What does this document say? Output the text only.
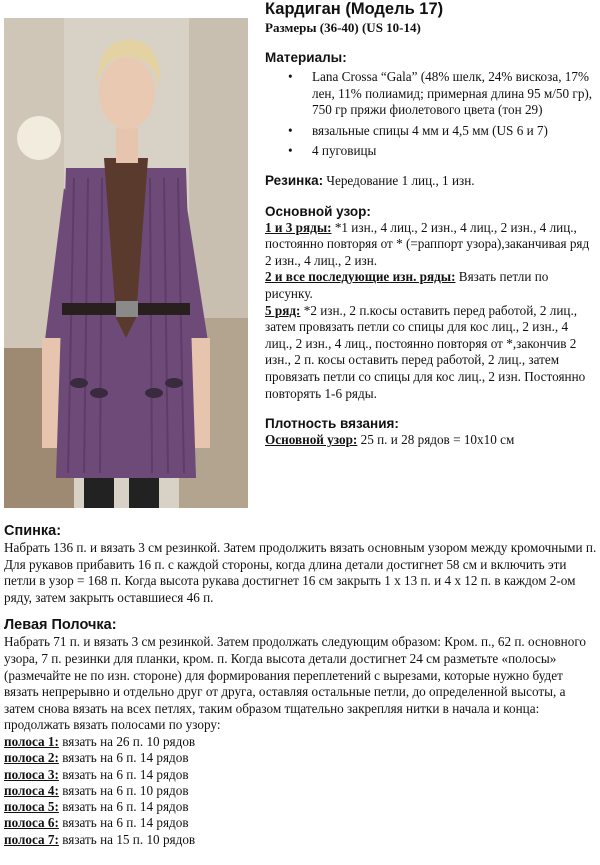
Кардиган (Модель 17)
Размеры (36-40) (US 10-14)
Материалы:
• Lana Crossa “Gala” (48% шелк, 24% вискоза, 17% лен, 11% полиамид; примерная длина 95 м/50 гр), 750 гр пряжи фиолетового цвета (тон 29)
• вязальные спицы 4 мм и 4,5 мм (US 6 и 7)
• 4 пуговицы
Резинка: Чередование 1 лиц., 1 изн.
Основной узор:
1 и 3 ряды: *1 изн., 4 лиц., 2 изн., 4 лиц., 2 изн., 4 лиц., постоянно повторяя от * (=раппорт узора),заканчивая ряд 2 изн., 4 лиц., 2 изн.
2 и все последующие изн. ряды: Вязать петли по рисунку.
5 ряд: *2 изн., 2 п.косы оставить перед работой, 2 лиц., затем провязать петли со спицы для кос лиц., 2 изн., 4 лиц., 2 изн., 4 лиц., постоянно повторяя от *,закончив 2 изн., 2 п. косы оставить перед работой, 2 лиц., затем провязать петли со спицы для кос лиц., 2 изн. Постоянно повторять 1-6 ряды.
Плотность вязания:
Основной узор: 25 п. и 28 рядов = 10х10 см
Спинка:
Набрать 136 п. и вязать 3 см резинкой. Затем продолжить вязать основным узором между кромочными п. Для рукавов прибавить 16 п. с каждой стороны, когда длина детали достигнет 58 см и включить эти петли в узор = 168 п. Когда высота рукава достигнет 16 см закрыть 1 х 13 п. и 4 х 12 п. в каждом 2-ом ряду, затем закрыть оставшиеся 46 п.
Левая Полочка:
Набрать 71 п. и вязать 3 см резинкой. Затем продолжать следующим образом: Кром. п., 62 п. основного узора, 7 п. резинки для планки, кром. п. Когда высота детали достигнет 24 см разметьте «полосы» (размечайте не по изн. стороне) для формирования переплетений с вырезами, которые нужно будет вязать непрерывно и отдельно друг от друга, оставляя остальные петли, до определенной высоты, а затем снова вязать на всех петлях, таким образом тщательно закрепляя нитки в начала и конца: продолжать вязать полосами по узору:
полоса 1: вязать на 26 п. 10 рядов
полоса 2: вязать на 6 п. 14 рядов
полоса 3: вязать на 6 п. 14 рядов
полоса 4: вязать на 6 п. 10 рядов
полоса 5: вязать на 6 п. 14 рядов
полоса 6: вязать на 6 п. 14 рядов
полоса 7: вязать на 15 п. 10 рядов
